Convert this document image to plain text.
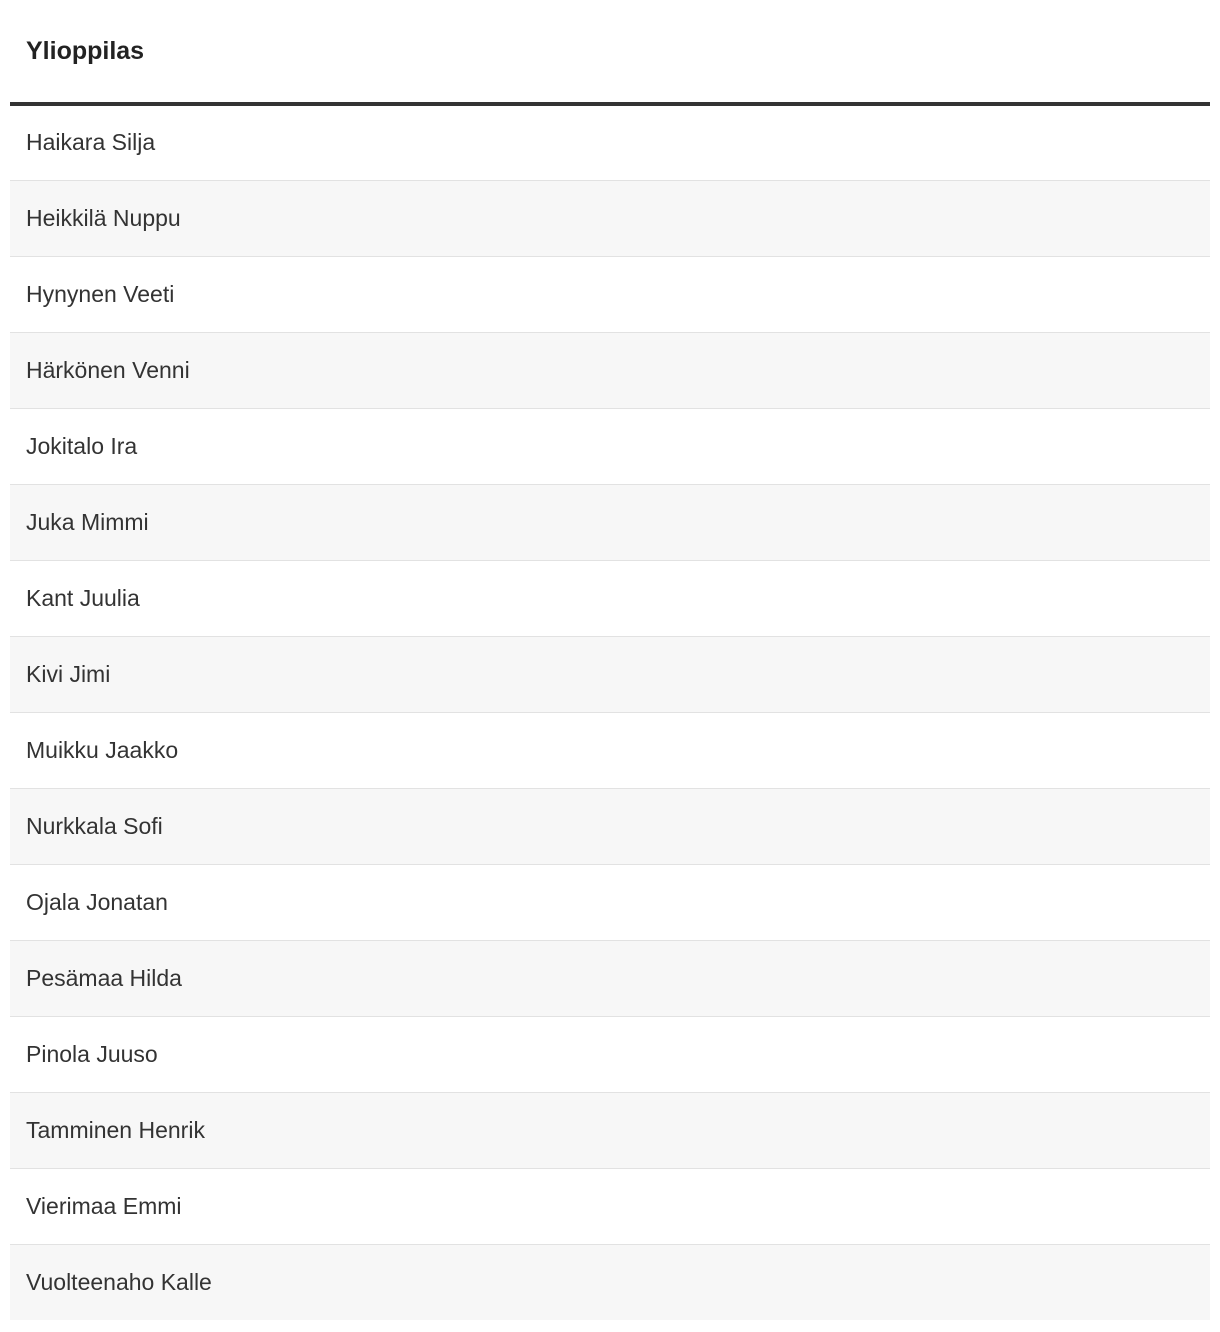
Ylioppilas
Haikara Silja
Heikkilä Nuppu
Hynynen Veeti
Härkönen Venni
Jokitalo Ira
Juka Mimmi
Kant Juulia
Kivi Jimi
Muikku Jaakko
Nurkkala Sofi
Ojala Jonatan
Pesämaa Hilda
Pinola Juuso
Tamminen Henrik
Vierimaa Emmi
Vuolteenaho Kalle
